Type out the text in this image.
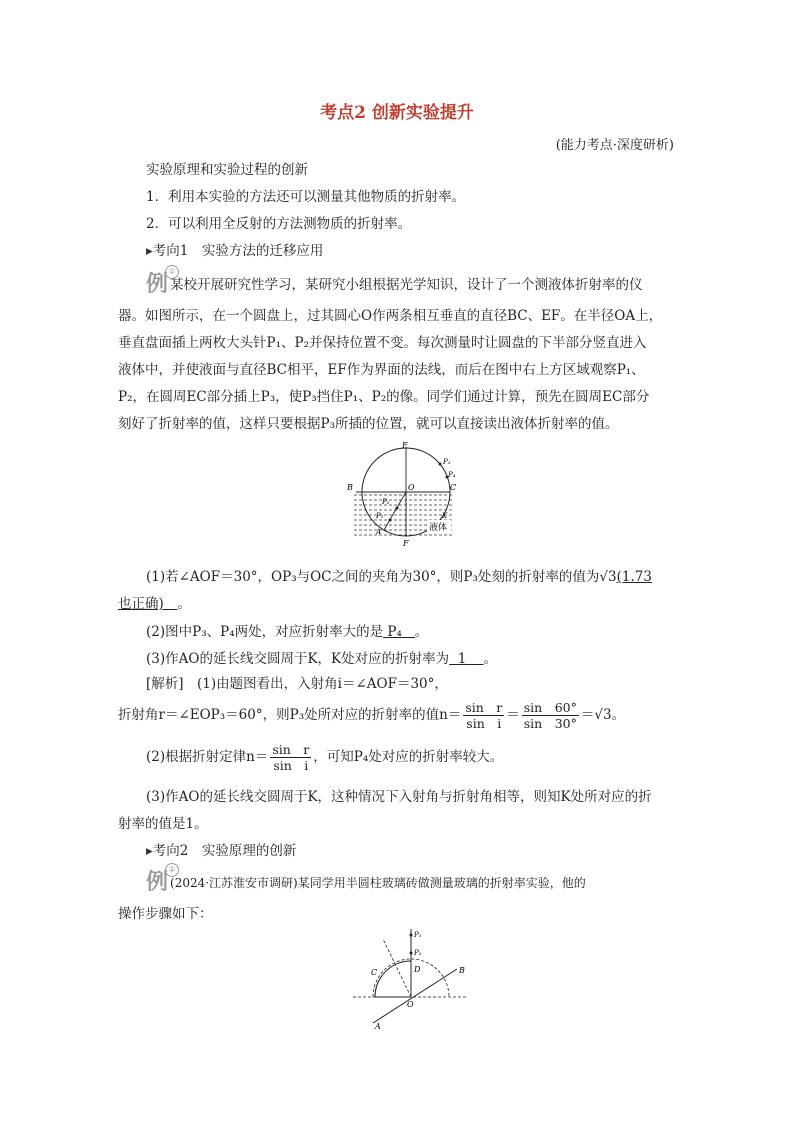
考点2 创新实验提升
(能力考点·深度研析)
实验原理和实验过程的创新
1．利用本实验的方法还可以测量其他物质的折射率。
2．可以利用全反射的方法测物质的折射率。
▸考向1　实验方法的迁移应用
例 ①
某校开展研究性学习，某研究小组根据光学知识，设计了一个测液体折射率的仪
器。如图所示，在一个圆盘上，过其圆心O作两条相互垂直的直径BC、EF。在半径OA上，
垂直盘面插上两枚大头针P₁、P₂并保持位置不变。每次测量时让圆盘的下半部分竖直进入
液体中，并使液面与直径BC相平，EF作为界面的法线，而后在图中右上方区域观察P₁、
P₂，在圆周EC部分插上P₃，使P₃挡住P₁、P₂的像。同学们通过计算，预先在圆周EC部分
刻好了折射率的值，这样只要根据P₃所插的位置，就可以直接读出液体折射率的值。
E
F
B	C
O
P₃
P₄
P₂
P₁	K
A	液体
(1)若∠AOF＝30°，OP₃与OC之间的夹角为30°，则P₃处刻的折射率的值为√3(1.73
也正确)　 。
(2)图中P₃、P₄两处，对应折射率大的是 P₄ 。
(3)作AO的延长线交圆周于K，K处对应的折射率为 1 。
[解析]　(1)由题图看出，入射角i＝∠AOF＝30°，
折射角r＝∠EOP₃＝60°，则P₃处所对应的折射率的值$n= \frac{\text{sin　r}}{\text{sin　i}} = \frac{\sin 60^\circ}{\sin 30^\circ} =√3$。
(2)根据折射定律$n= \frac{\text{sin　r}}{\text{sin　i}}$ ，可知P₄处对应的折射率较大。
(3)作AO的延长线交圆周于K，这种情况下入射角与折射角相等，则知K处所对应的折
射率的值是1。
▸考向2　实验原理的创新
例 ②
(2024·江苏淮安市调研)某同学用半圆柱玻璃砖做测量玻璃的折射率实验，他的
操作步骤如下：
P₁
P₂
C	D	B
O
A
